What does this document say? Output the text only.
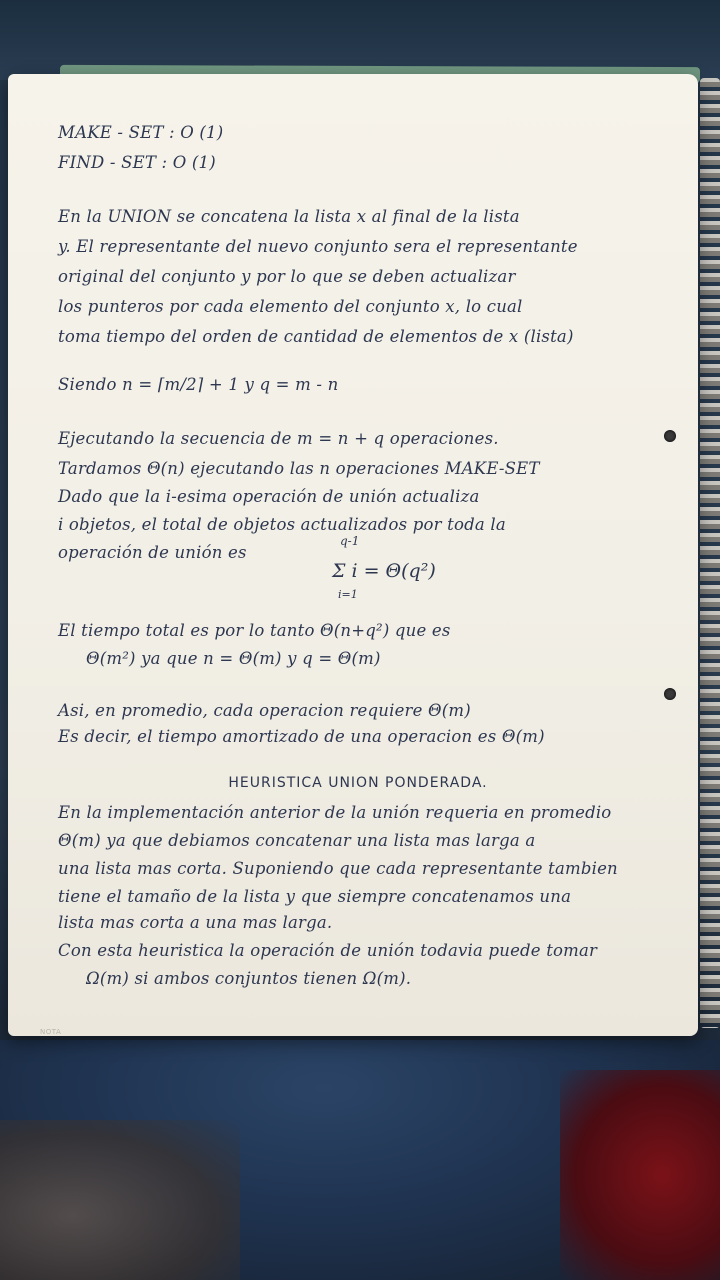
MAKE - SET : O (1)

FIND - SET : O (1)

En la UNION se concatena la lista x al final de la lista

y. El representante del nuevo conjunto sera el representante

original del conjunto y por lo que se deben actualizar

los punteros por cada elemento del conjunto x, lo cual

toma tiempo del orden de cantidad de elementos de x (lista)

Siendo n = ⌈m/2⌉ + 1 y q = m - n

Ejecutando la secuencia de m = n + q operaciones.

Tardamos Θ(n) ejecutando las n operaciones MAKE-SET

Dado que la i-esima operación de unión actualiza

i objetos, el total de objetos actualizados por toda la

operación de unión es

q-1
Σ i = Θ(q²)
i=1

El tiempo total es por lo tanto Θ(n+q²) que es

Θ(m²) ya que n = Θ(m) y q = Θ(m)

Asi, en promedio, cada operacion requiere Θ(m)

Es decir, el tiempo amortizado de una operacion es Θ(m)

HEURISTICA UNION PONDERADA.

En la implementación anterior de la unión requeria en promedio

Θ(m) ya que debiamos concatenar una lista mas larga a

una lista mas corta. Suponiendo que cada representante tambien

tiene el tamaño de la lista y que siempre concatenamos una

lista mas corta a una mas larga.

Con esta heuristica la operación de unión todavia puede tomar

Ω(m) si ambos conjuntos tienen Ω(m).

NOTA
